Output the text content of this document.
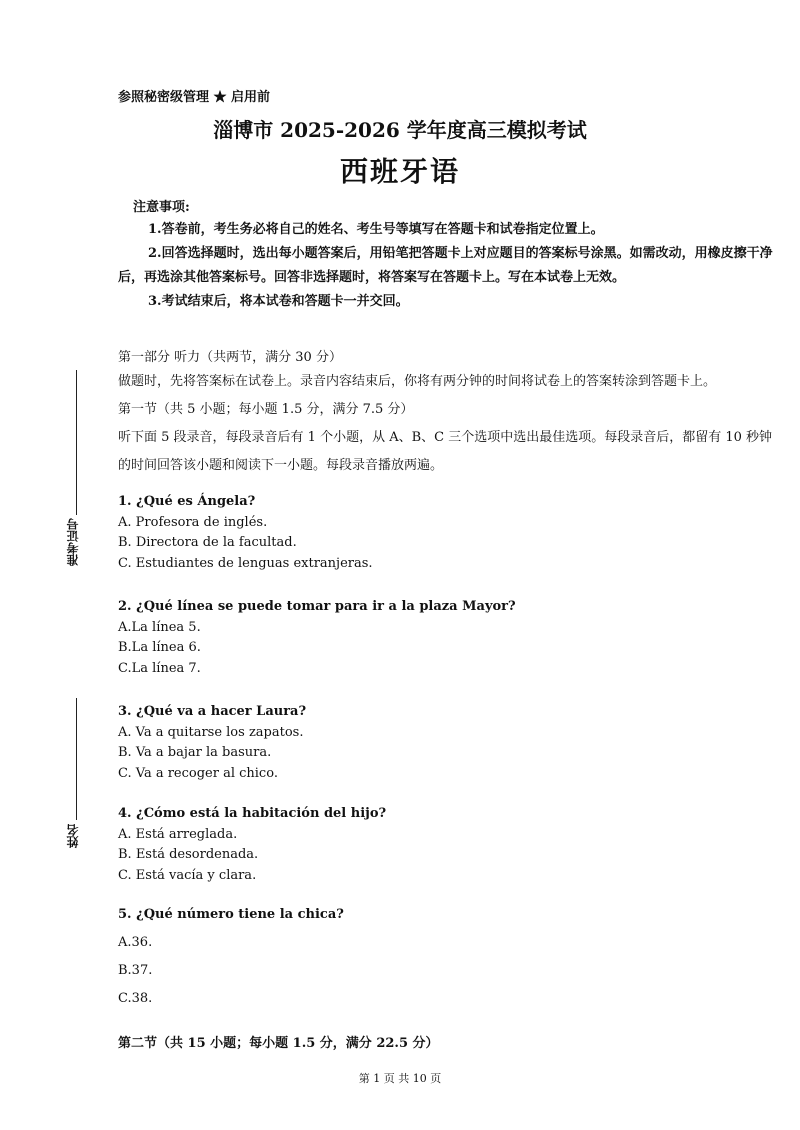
参照秘密级管理 ★ 启用前
淄博市 2025-2026 学年度高三模拟考试
西班牙语
注意事项:

1.答卷前，考生务必将自己的姓名、考生号等填写在答题卡和试卷指定位置上。

2.回答选择题时，选出每小题答案后，用铅笔把答题卡上对应题目的答案标号涂黑。如需改动，用橡皮擦干净后，再选涂其他答案标号。回答非选择题时，将答案写在答题卡上。写在本试卷上无效。

3.考试结束后，将本试卷和答题卡一并交回。

第一部分 听力（共两节，满分 30 分）

做题时，先将答案标在试卷上。录音内容结束后，你将有两分钟的时间将试卷上的答案转涂到答题卡上。

第一节（共 5 小题；每小题 1.5 分，满分 7.5 分）

听下面 5 段录音，每段录音后有 1 个小题，从 A、B、C 三个选项中选出最佳选项。每段录音后，都留有 10 秒钟的时间回答该小题和阅读下一小题。每段录音播放两遍。

1. ¿Qué es Ángela?
A. Profesora de inglés.
B. Directora de la facultad.
C. Estudiantes de lenguas extranjeras.
2. ¿Qué línea se puede tomar para ir a la plaza Mayor?
A.La línea 5.
B.La línea 6.
C.La línea 7.
3. ¿Qué va a hacer Laura?
A. Va a quitarse los zapatos.
B. Va a bajar la basura.
C. Va a recoger al chico.
4. ¿Cómo está la habitación del hijo?
A. Está arreglada.
B. Está desordenada.
C. Está vacía y clara.
5. ¿Qué número tiene la chica?
A.36.
B.37.
C.38.
第二节（共 15 小题；每小题 1.5 分，满分 22.5 分）
第 1 页 共 10 页
准考证号
姓名
